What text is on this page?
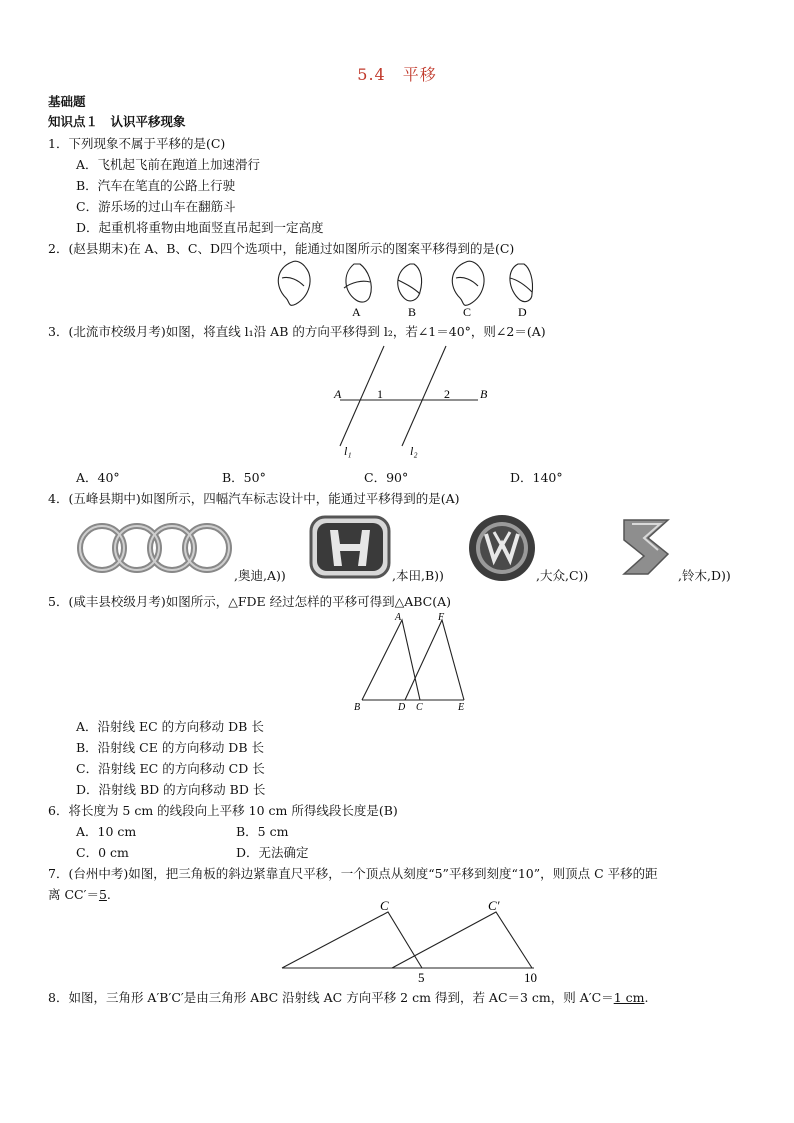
5.4　平移
基础题
知识点１　认识平移现象
1．下列现象不属于平移的是(C)
A．飞机起飞前在跑道上加速滑行
B．汽车在笔直的公路上行驶
C．游乐场的过山车在翻筋斗
D．起重机将重物由地面竖直吊起到一定高度
2．(赵县期末)在 A、B、C、D四个选项中，能通过如图所示的图案平移得到的是(C)
A	B	C	D
3．(北流市校级月考)如图，将直线 l₁沿 AB 的方向平移得到 l₂，若∠1＝40°，则∠2＝(A)
A	B
l₁	l₂
1	2
A．40°	B．50°	C．90°	D．140°
4．(五峰县期中)如图所示，四幅汽车标志设计中，能通过平移得到的是(A)
,奥迪,A))	,本田,B))	,大众,C))	,铃木,D))
5．(咸丰县校级月考)如图所示，△FDE 经过怎样的平移可得到△ABC(A)
A	F
B	D C	E
A．沿射线 EC 的方向移动 DB 长
B．沿射线 CE 的方向移动 DB 长
C．沿射线 EC 的方向移动 CD 长
D．沿射线 BD 的方向移动 BD 长
6．将长度为 5 cm 的线段向上平移 10 cm 所得线段长度是(B)
A．10 cm	B．5 cm
C．0 cm	D．无法确定
7．(台州中考)如图，把三角板的斜边紧靠直尺平移，一个顶点从刻度“5”平移到刻度“10”，则顶点 C 平移的距
离 CC′＝5.
C	C′
5	10
8．如图，三角形 A′B′C′是由三角形 ABC 沿射线 AC 方向平移 2 cm 得到，若 AC＝3 cm，则 A′C＝1 cm.
